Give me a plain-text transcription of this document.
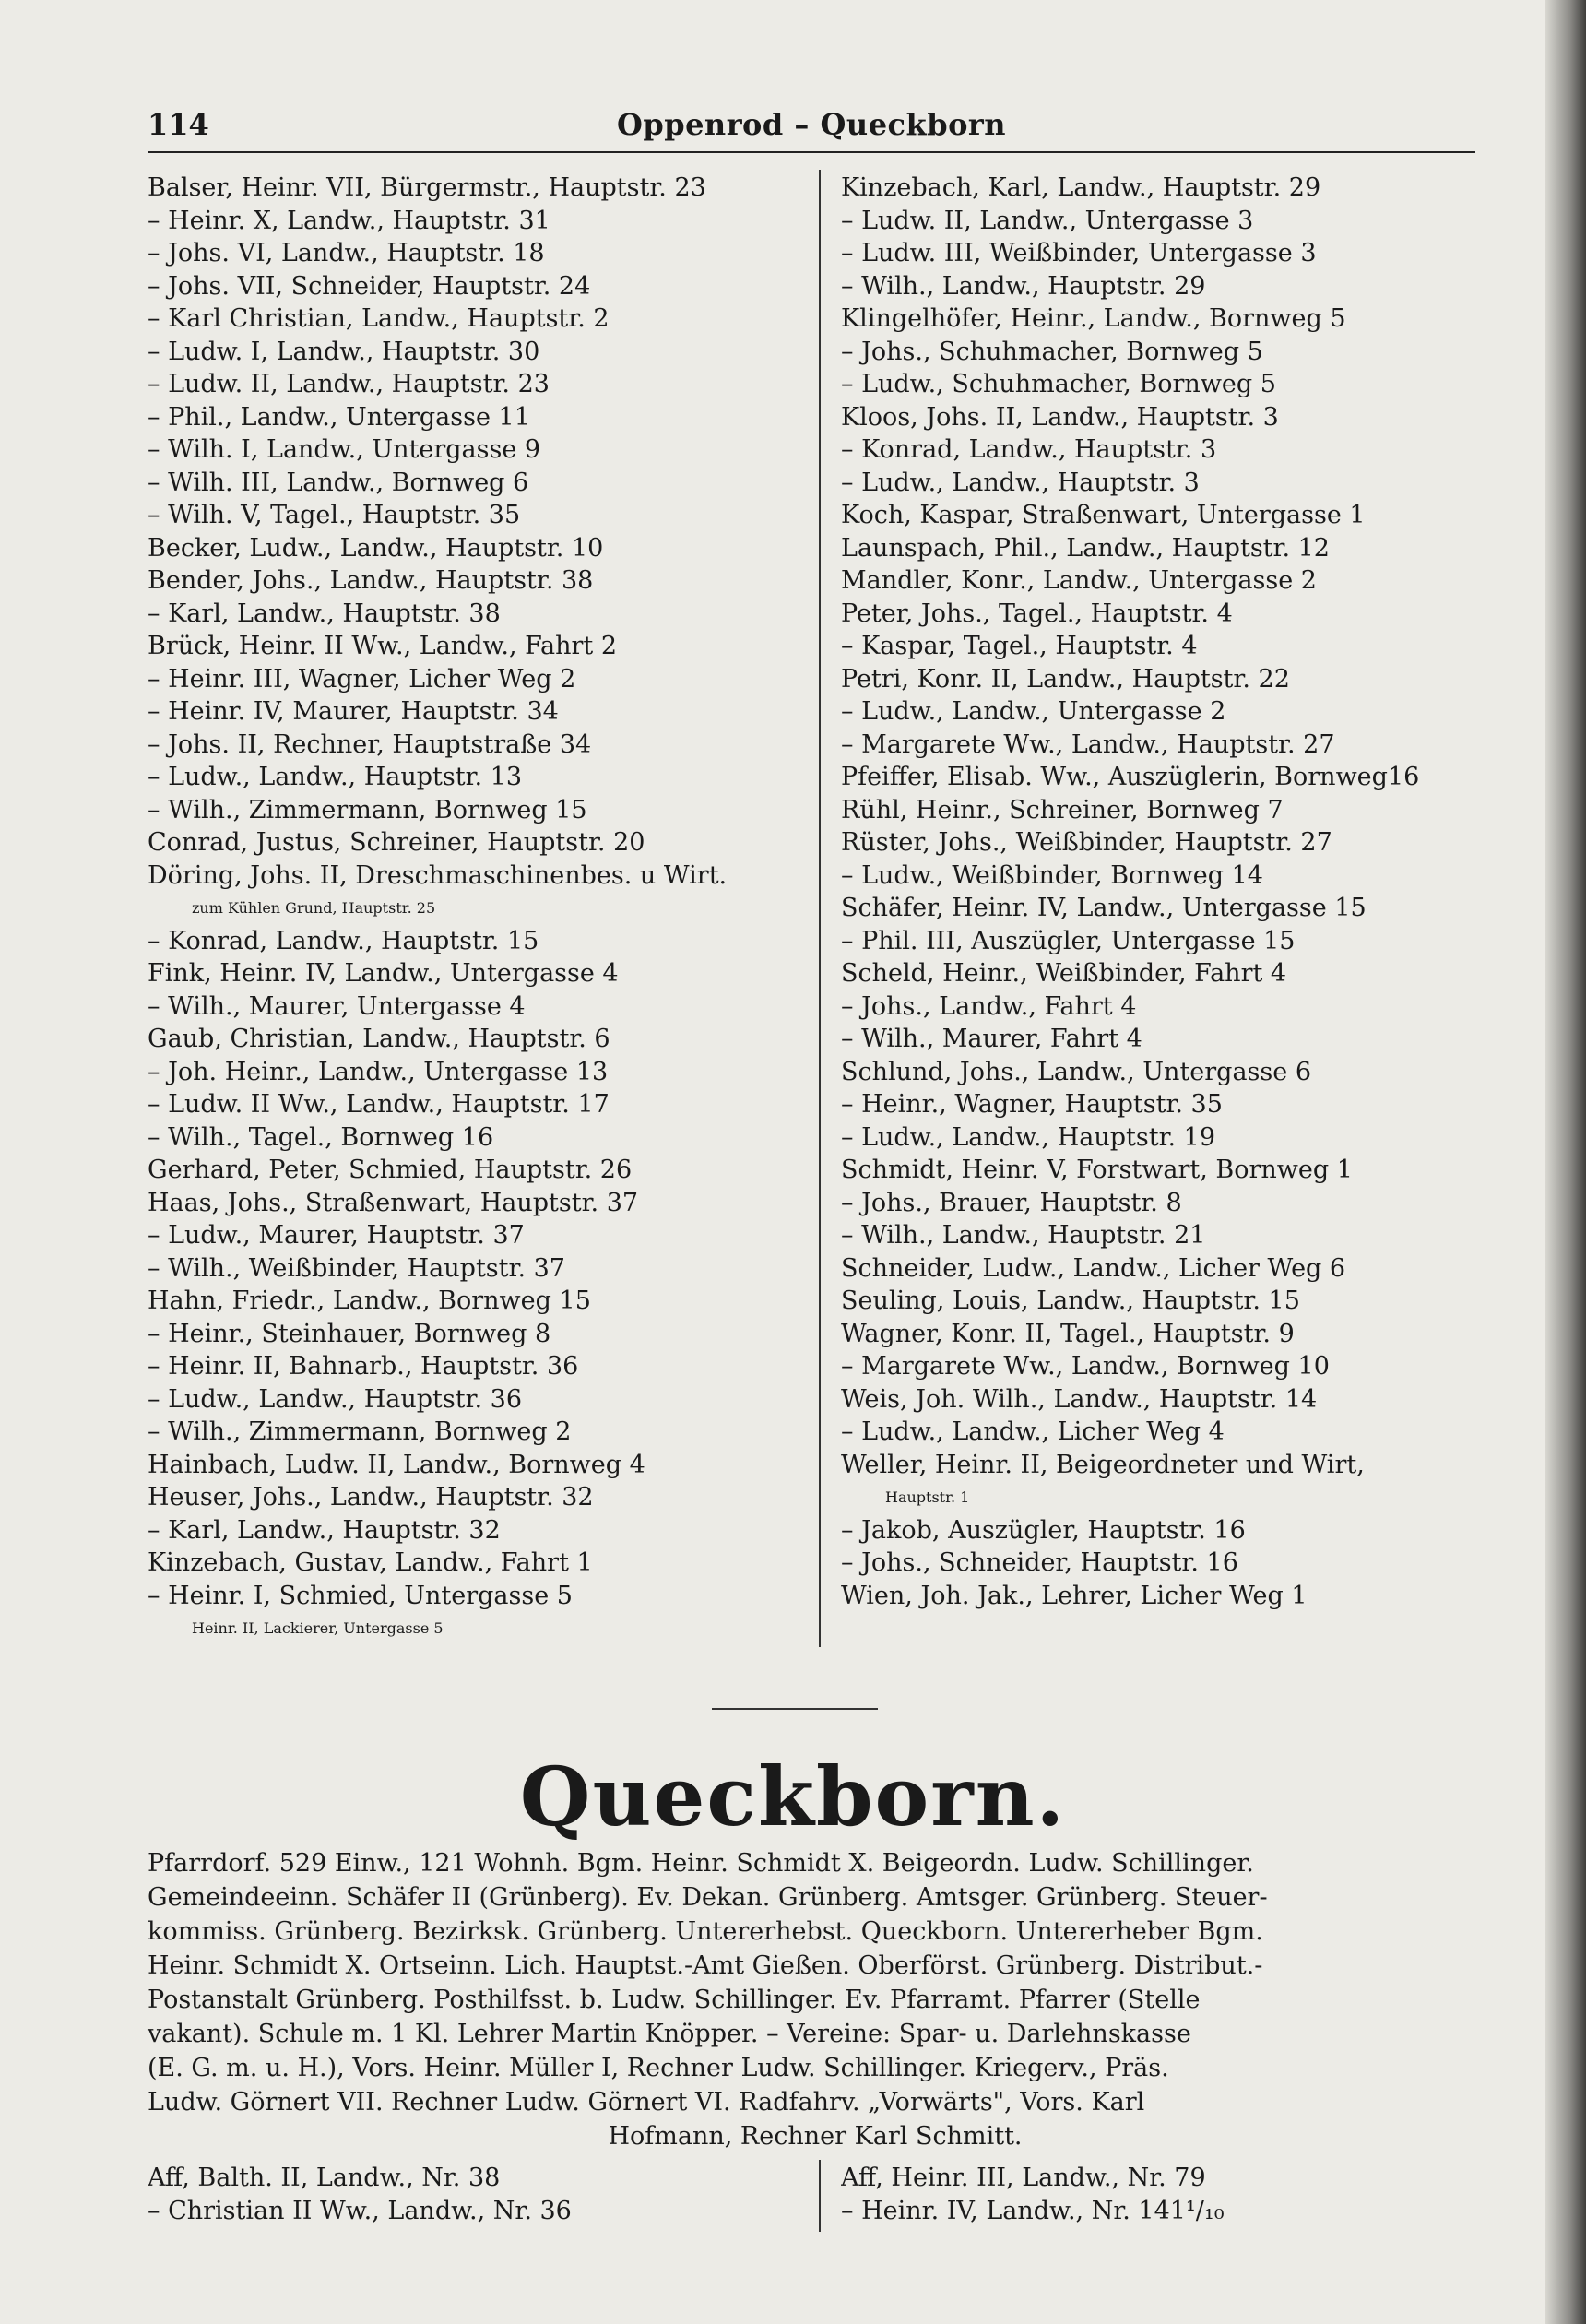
114	Oppenrod – Queckborn
Balser, Heinr. VII, Bürgermstr., Hauptstr. 23
– Heinr. X, Landw., Hauptstr. 31
– Johs. VI, Landw., Hauptstr. 18
– Johs. VII, Schneider, Hauptstr. 24
– Karl Christian, Landw., Hauptstr. 2
– Ludw. I, Landw., Hauptstr. 30
– Ludw. II, Landw., Hauptstr. 23
– Phil., Landw., Untergasse 11
– Wilh. I, Landw., Untergasse 9
– Wilh. III, Landw., Bornweg 6
– Wilh. V, Tagel., Hauptstr. 35
Becker, Ludw., Landw., Hauptstr. 10
Bender, Johs., Landw., Hauptstr. 38
– Karl, Landw., Hauptstr. 38
Brück, Heinr. II Ww., Landw., Fahrt 2
– Heinr. III, Wagner, Licher Weg 2
– Heinr. IV, Maurer, Hauptstr. 34
– Johs. II, Rechner, Hauptstraße 34
– Ludw., Landw., Hauptstr. 13
– Wilh., Zimmermann, Bornweg 15
Conrad, Justus, Schreiner, Hauptstr. 20
Döring, Johs. II, Dreschmaschinenbes. u Wirt.
zum Kühlen Grund, Hauptstr. 25
– Konrad, Landw., Hauptstr. 15
Fink, Heinr. IV, Landw., Untergasse 4
– Wilh., Maurer, Untergasse 4
Gaub, Christian, Landw., Hauptstr. 6
– Joh. Heinr., Landw., Untergasse 13
– Ludw. II Ww., Landw., Hauptstr. 17
– Wilh., Tagel., Bornweg 16
Gerhard, Peter, Schmied, Hauptstr. 26
Haas, Johs., Straßenwart, Hauptstr. 37
– Ludw., Maurer, Hauptstr. 37
– Wilh., Weißbinder, Hauptstr. 37
Hahn, Friedr., Landw., Bornweg 15
– Heinr., Steinhauer, Bornweg 8
– Heinr. II, Bahnarb., Hauptstr. 36
– Ludw., Landw., Hauptstr. 36
– Wilh., Zimmermann, Bornweg 2
Hainbach, Ludw. II, Landw., Bornweg 4
Heuser, Johs., Landw., Hauptstr. 32
– Karl, Landw., Hauptstr. 32
Kinzebach, Gustav, Landw., Fahrt 1
– Heinr. I, Schmied, Untergasse 5
Heinr. II, Lackierer, Untergasse 5
Kinzebach, Karl, Landw., Hauptstr. 29
– Ludw. II, Landw., Untergasse 3
– Ludw. III, Weißbinder, Untergasse 3
– Wilh., Landw., Hauptstr. 29
Klingelhöfer, Heinr., Landw., Bornweg 5
– Johs., Schuhmacher, Bornweg 5
– Ludw., Schuhmacher, Bornweg 5
Kloos, Johs. II, Landw., Hauptstr. 3
– Konrad, Landw., Hauptstr. 3
– Ludw., Landw., Hauptstr. 3
Koch, Kaspar, Straßenwart, Untergasse 1
Launspach, Phil., Landw., Hauptstr. 12
Mandler, Konr., Landw., Untergasse 2
Peter, Johs., Tagel., Hauptstr. 4
– Kaspar, Tagel., Hauptstr. 4
Petri, Konr. II, Landw., Hauptstr. 22
– Ludw., Landw., Untergasse 2
– Margarete Ww., Landw., Hauptstr. 27
Pfeiffer, Elisab. Ww., Auszüglerin, Bornweg16
Rühl, Heinr., Schreiner, Bornweg 7
Rüster, Johs., Weißbinder, Hauptstr. 27
– Ludw., Weißbinder, Bornweg 14
Schäfer, Heinr. IV, Landw., Untergasse 15
– Phil. III, Auszügler, Untergasse 15
Scheld, Heinr., Weißbinder, Fahrt 4
– Johs., Landw., Fahrt 4
– Wilh., Maurer, Fahrt 4
Schlund, Johs., Landw., Untergasse 6
– Heinr., Wagner, Hauptstr. 35
– Ludw., Landw., Hauptstr. 19
Schmidt, Heinr. V, Forstwart, Bornweg 1
– Johs., Brauer, Hauptstr. 8
– Wilh., Landw., Hauptstr. 21
Schneider, Ludw., Landw., Licher Weg 6
Seuling, Louis, Landw., Hauptstr. 15
Wagner, Konr. II, Tagel., Hauptstr. 9
– Margarete Ww., Landw., Bornweg 10
Weis, Joh. Wilh., Landw., Hauptstr. 14
– Ludw., Landw., Licher Weg 4
Weller, Heinr. II, Beigeordneter und Wirt,
Hauptstr. 1
– Jakob, Auszügler, Hauptstr. 16
– Johs., Schneider, Hauptstr. 16
Wien, Joh. Jak., Lehrer, Licher Weg 1
Queckborn.
Pfarrdorf. 529 Einw., 121 Wohnh. Bgm. Heinr. Schmidt X. Beigeordn. Ludw. Schillinger.
Gemeindeeinn. Schäfer II (Grünberg). Ev. Dekan. Grünberg. Amtsger. Grünberg. Steuer-
kommiss. Grünberg. Bezirksk. Grünberg. Untererhebst. Queckborn. Untererheber Bgm.
Heinr. Schmidt X. Ortseinn. Lich. Hauptst.-Amt Gießen. Oberförst. Grünberg. Distribut.-
Postanstalt Grünberg. Posthilfsst. b. Ludw. Schillinger. Ev. Pfarramt. Pfarrer (Stelle
vakant). Schule m. 1 Kl. Lehrer Martin Knöpper. – Vereine: Spar- u. Darlehnskasse
(E. G. m. u. H.), Vors. Heinr. Müller I, Rechner Ludw. Schillinger. Kriegerv., Präs.
Ludw. Görnert VII. Rechner Ludw. Görnert VI. Radfahrv. „Vorwärts", Vors. Karl
Hofmann, Rechner Karl Schmitt.
Aff, Balth. II, Landw., Nr. 38
– Christian II Ww., Landw., Nr. 36
Aff, Heinr. III, Landw., Nr. 79
– Heinr. IV, Landw., Nr. 141¹/₁₀
